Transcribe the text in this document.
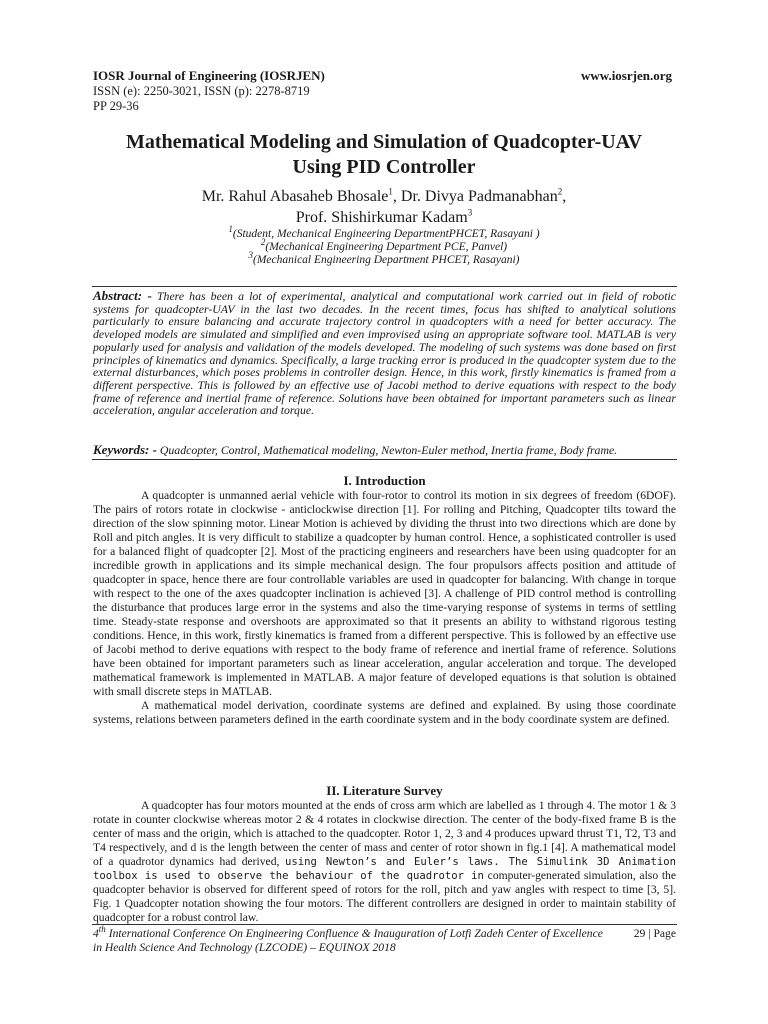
IOSR Journal of Engineering (IOSRJEN)
ISSN (e): 2250-3021, ISSN (p): 2278-8719
PP 29-36
www.iosrjen.org
Mathematical Modeling and Simulation of Quadcopter-UAV
Using PID Controller
Mr. Rahul Abasaheb Bhosale$^1$, Dr. Divya Padmanabhan$^2$,
Prof. Shishirkumar Kadam$^3$
$^1$(Student, Mechanical Engineering DepartmentPHCET, Rasayani )
$^2$(Mechanical Engineering Department PCE, Panvel)
$^3$(Mechanical Engineering Department PHCET, Rasayani)
Abstract: - There has been a lot of experimental, analytical and computational work carried out in field of robotic systems for quadcopter-UAV in the last two decades. In the recent times, focus has shifted to analytical solutions particularly to ensure balancing and accurate trajectory control in quadcopters with a need for better accuracy. The developed models are simulated and simplified and even improvised using an appropriate software tool. MATLAB is very popularly used for analysis and validation of the models developed. The modeling of such systems was done based on first principles of kinematics and dynamics. Specifically, a large tracking error is produced in the quadcopter system due to the external disturbances, which poses problems in controller design. Hence, in this work, firstly kinematics is framed from a different perspective. This is followed by an effective use of Jacobi method to derive equations with respect to the body frame of reference and inertial frame of reference. Solutions have been obtained for important parameters such as linear acceleration, angular acceleration and torque.
Keywords: - Quadcopter, Control, Mathematical modeling, Newton-Euler method, Inertia frame, Body frame.
I. Introduction

A quadcopter is unmanned aerial vehicle with four-rotor to control its motion in six degrees of freedom (6DOF). The pairs of rotors rotate in clockwise - anticlockwise direction [1]. For rolling and Pitching, Quadcopter tilts toward the direction of the slow spinning motor. Linear Motion is achieved by dividing the thrust into two directions which are done by Roll and pitch angles. It is very difficult to stabilize a quadcopter by human control. Hence, a sophisticated controller is used for a balanced flight of quadcopter [2]. Most of the practicing engineers and researchers have been using quadcopter for an incredible growth in applications and its simple mechanical design. The four propulsors affects position and attitude of quadcopter in space, hence there are four controllable variables are used in quadcopter for balancing. With change in torque with respect to the one of the axes quadcopter inclination is achieved [3]. A challenge of PID control method is controlling the disturbance that produces large error in the systems and also the time-varying response of systems in terms of settling time. Steady-state response and overshoots are approximated so that it presents an ability to withstand rigorous testing conditions. Hence, in this work, firstly kinematics is framed from a different perspective. This is followed by an effective use of Jacobi method to derive equations with respect to the body frame of reference and inertial frame of reference. Solutions have been obtained for important parameters such as linear acceleration, angular acceleration and torque. The developed mathematical framework is implemented in MATLAB. A major feature of developed equations is that solution is obtained with small discrete steps in MATLAB.

A mathematical model derivation, coordinate systems are defined and explained. By using those coordinate systems, relations between parameters defined in the earth coordinate system and in the body coordinate system are defined.

II. Literature Survey

A quadcopter has four motors mounted at the ends of cross arm which are labelled as 1 through 4. The motor 1 & 3 rotate in counter clockwise whereas motor 2 & 4 rotates in clockwise direction. The center of the body-fixed frame B is the center of mass and the origin, which is attached to the quadcopter. Rotor 1, 2, 3 and 4 produces upward thrust T1, T2, T3 and T4 respectively, and d is the length between the center of mass and center of rotor shown in fig.1 [4]. A mathematical model of a quadrotor dynamics had derived, using Newton’s and Euler’s laws. The Simulink 3D Animation toolbox is used to observe the behaviour of the quadrotor in computer-generated simulation, also the quadcopter behavior is observed for different speed of rotors for the roll, pitch and yaw angles with respect to time [3, 5]. Fig. 1 Quadcopter notation showing the four motors. The different controllers are designed in order to maintain stability of quadcopter for a robust control law.

4th International Conference On Engineering Confluence & Inauguration of Lotfi Zadeh Center of Excellence in Health Science And Technology (LZCODE) – EQUINOX 2018
29 | Page
